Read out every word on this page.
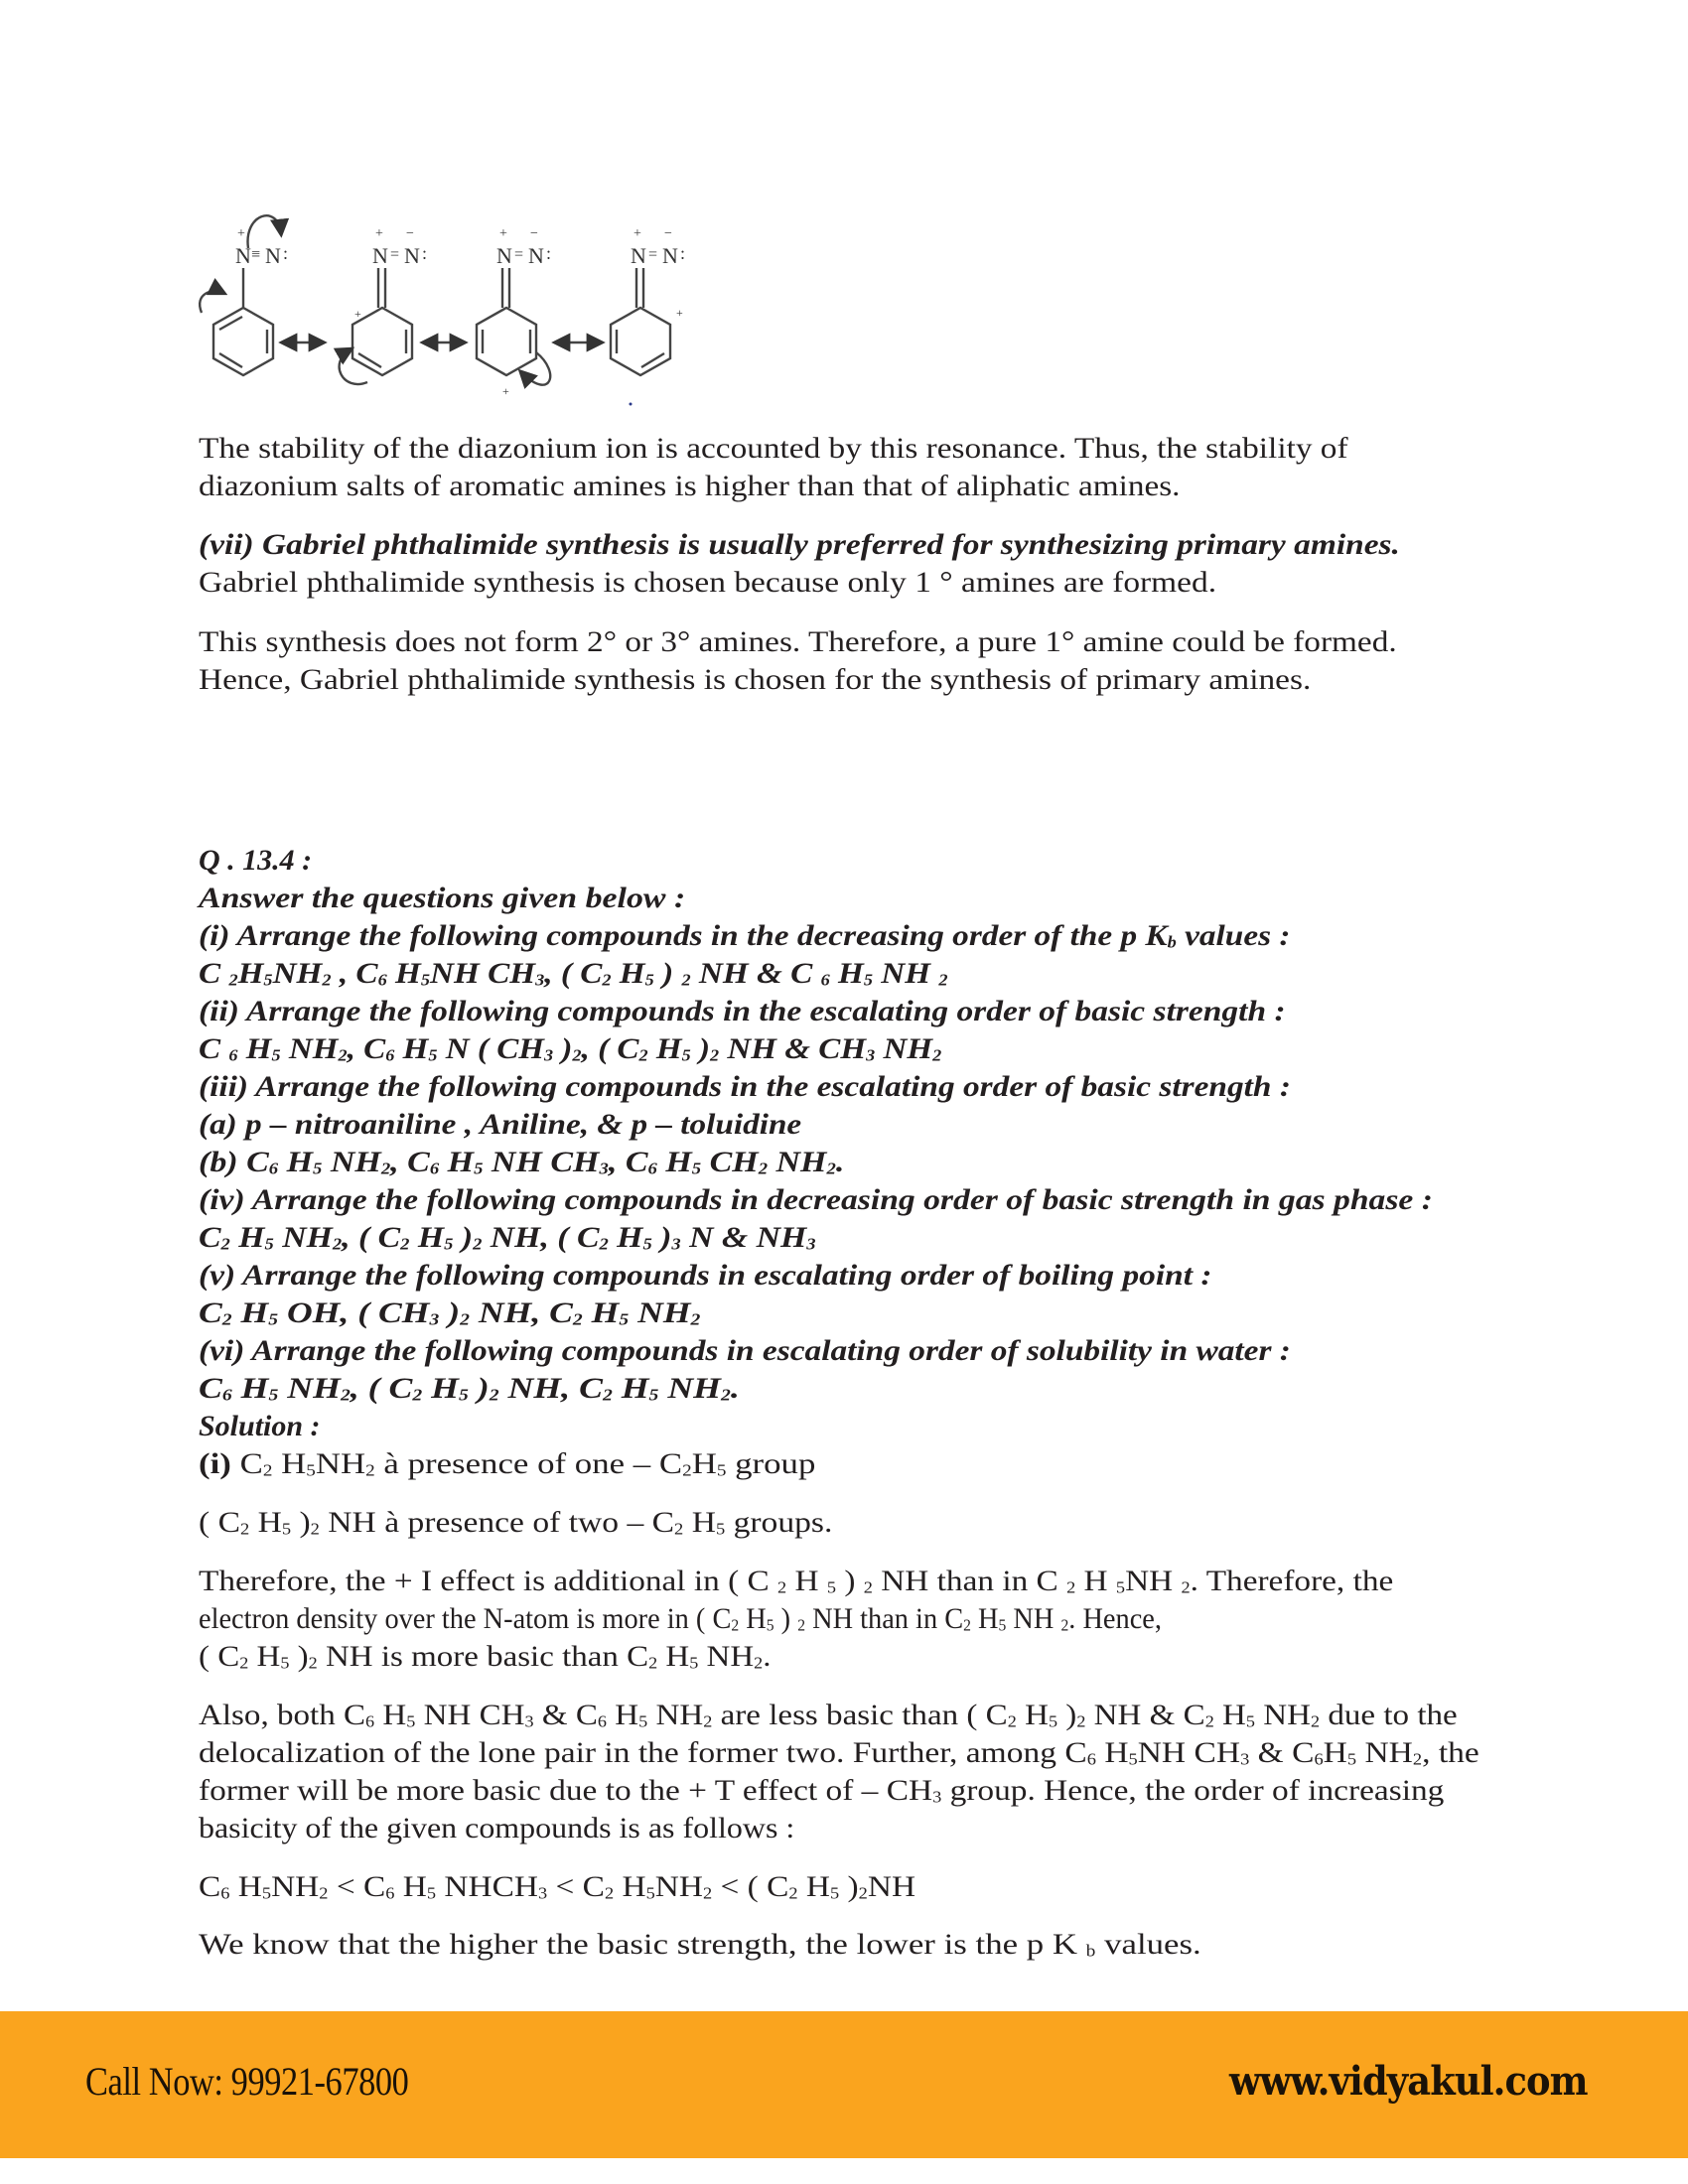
N
+
≡ N :	N
+
= N :
−
+
N
+
= N :
−
+
N
+
= N :
−
+
The stability of the diazonium ion is accounted by this resonance. Thus, the stability of
diazonium salts of aromatic amines is higher than that of aliphatic amines.
(vii) Gabriel phthalimide synthesis is usually preferred for synthesizing primary amines.
Gabriel phthalimide synthesis is chosen because only 1 ° amines are formed.
This synthesis does not form 2° or 3° amines. Therefore, a pure 1° amine could be formed.
Hence, Gabriel phthalimide synthesis is chosen for the synthesis of primary amines.
Q . 13.4 :
Answer the questions given below :
(i) Arrange the following compounds in the decreasing order of the p $K_b$ values :
C $_2H_5NH_2$ , $C_6$ $H_5NH$ $CH_3$, ( $C_2$ $H_5$ ) $_2$ NH & C $_6$ $H_5$ NH $_2$
(ii) Arrange the following compounds in the escalating order of basic strength :
C $_6$ $H_5$ $NH_2$, $C_6$ $H_5$ N ( $CH_3$ )$_2$, ( $C_2$ $H_5$ )$_2$ NH & $CH_3$ $NH_2$
(iii) Arrange the following compounds in the escalating order of basic strength :
(a) p – nitroaniline , Aniline, & p – toluidine
(b) $C_6$ $H_5$ $NH_2$, $C_6$ $H_5$ NH $CH_3$, $C_6$ $H_5$ $CH_2$ $NH_2$.
(iv) Arrange the following compounds in decreasing order of basic strength in gas phase :
$C_2$ $H_5$ $NH_2$, ( $C_2$ $H_5$ )$_2$ NH, ( $C_2$ $H_5$ )$_3$ N & $NH_3$
(v) Arrange the following compounds in escalating order of boiling point :
$C_2$ $H_5$ OH, ( $CH_3$ )$_2$ NH, $C_2$ $H_5$ $NH_2$
(vi) Arrange the following compounds in escalating order of solubility in water :
$C_6$ $H_5$ $NH_2$, ( $C_2$ $H_5$ )$_2$ NH, $C_2$ $H_5$ $NH_2$.
Solution :
(i) $C_2$ $H_5NH_2$ à presence of one – $C_2H_5$ group
( $C_2$ $H_5$ )$_2$ NH à presence of two – $C_2$ $H_5$ groups.
Therefore, the + I effect is additional in ( C $_2$ H $_5$ ) $_2$ NH than in C $_2$ H $_5$NH $_2$. Therefore, the
electron density over the N-atom is more in ( $C_2$ $H_5$ ) $_2$ NH than in $C_2$ $H_5$ NH $_2$. Hence,
( $C_2$ $H_5$ )$_2$ NH is more basic than $C_2$ $H_5$ $NH_2$.
Also, both $C_6$ $H_5$ NH $CH_3$ & $C_6$ $H_5$ $NH_2$ are less basic than ( $C_2$ $H_5$ )$_2$ NH & $C_2$ $H_5$ $NH_2$ due to the
delocalization of the lone pair in the former two. Further, among $C_6$ $H_5NH$ $CH_3$ & $C_6H_5$ $NH_2$, the
former will be more basic due to the + T effect of – $CH_3$ group. Hence, the order of increasing
basicity of the given compounds is as follows :
$C_6$ $H_5NH_2 < C_6$ $H_5$ $NHCH_3 < C_2$ $H_5NH_2$ < ( $C_2$ $H_5$ )$_2NH$
We know that the higher the basic strength, the lower is the p K $_b$ values.
Call Now: 99921-67800	www.vidyakul.com
